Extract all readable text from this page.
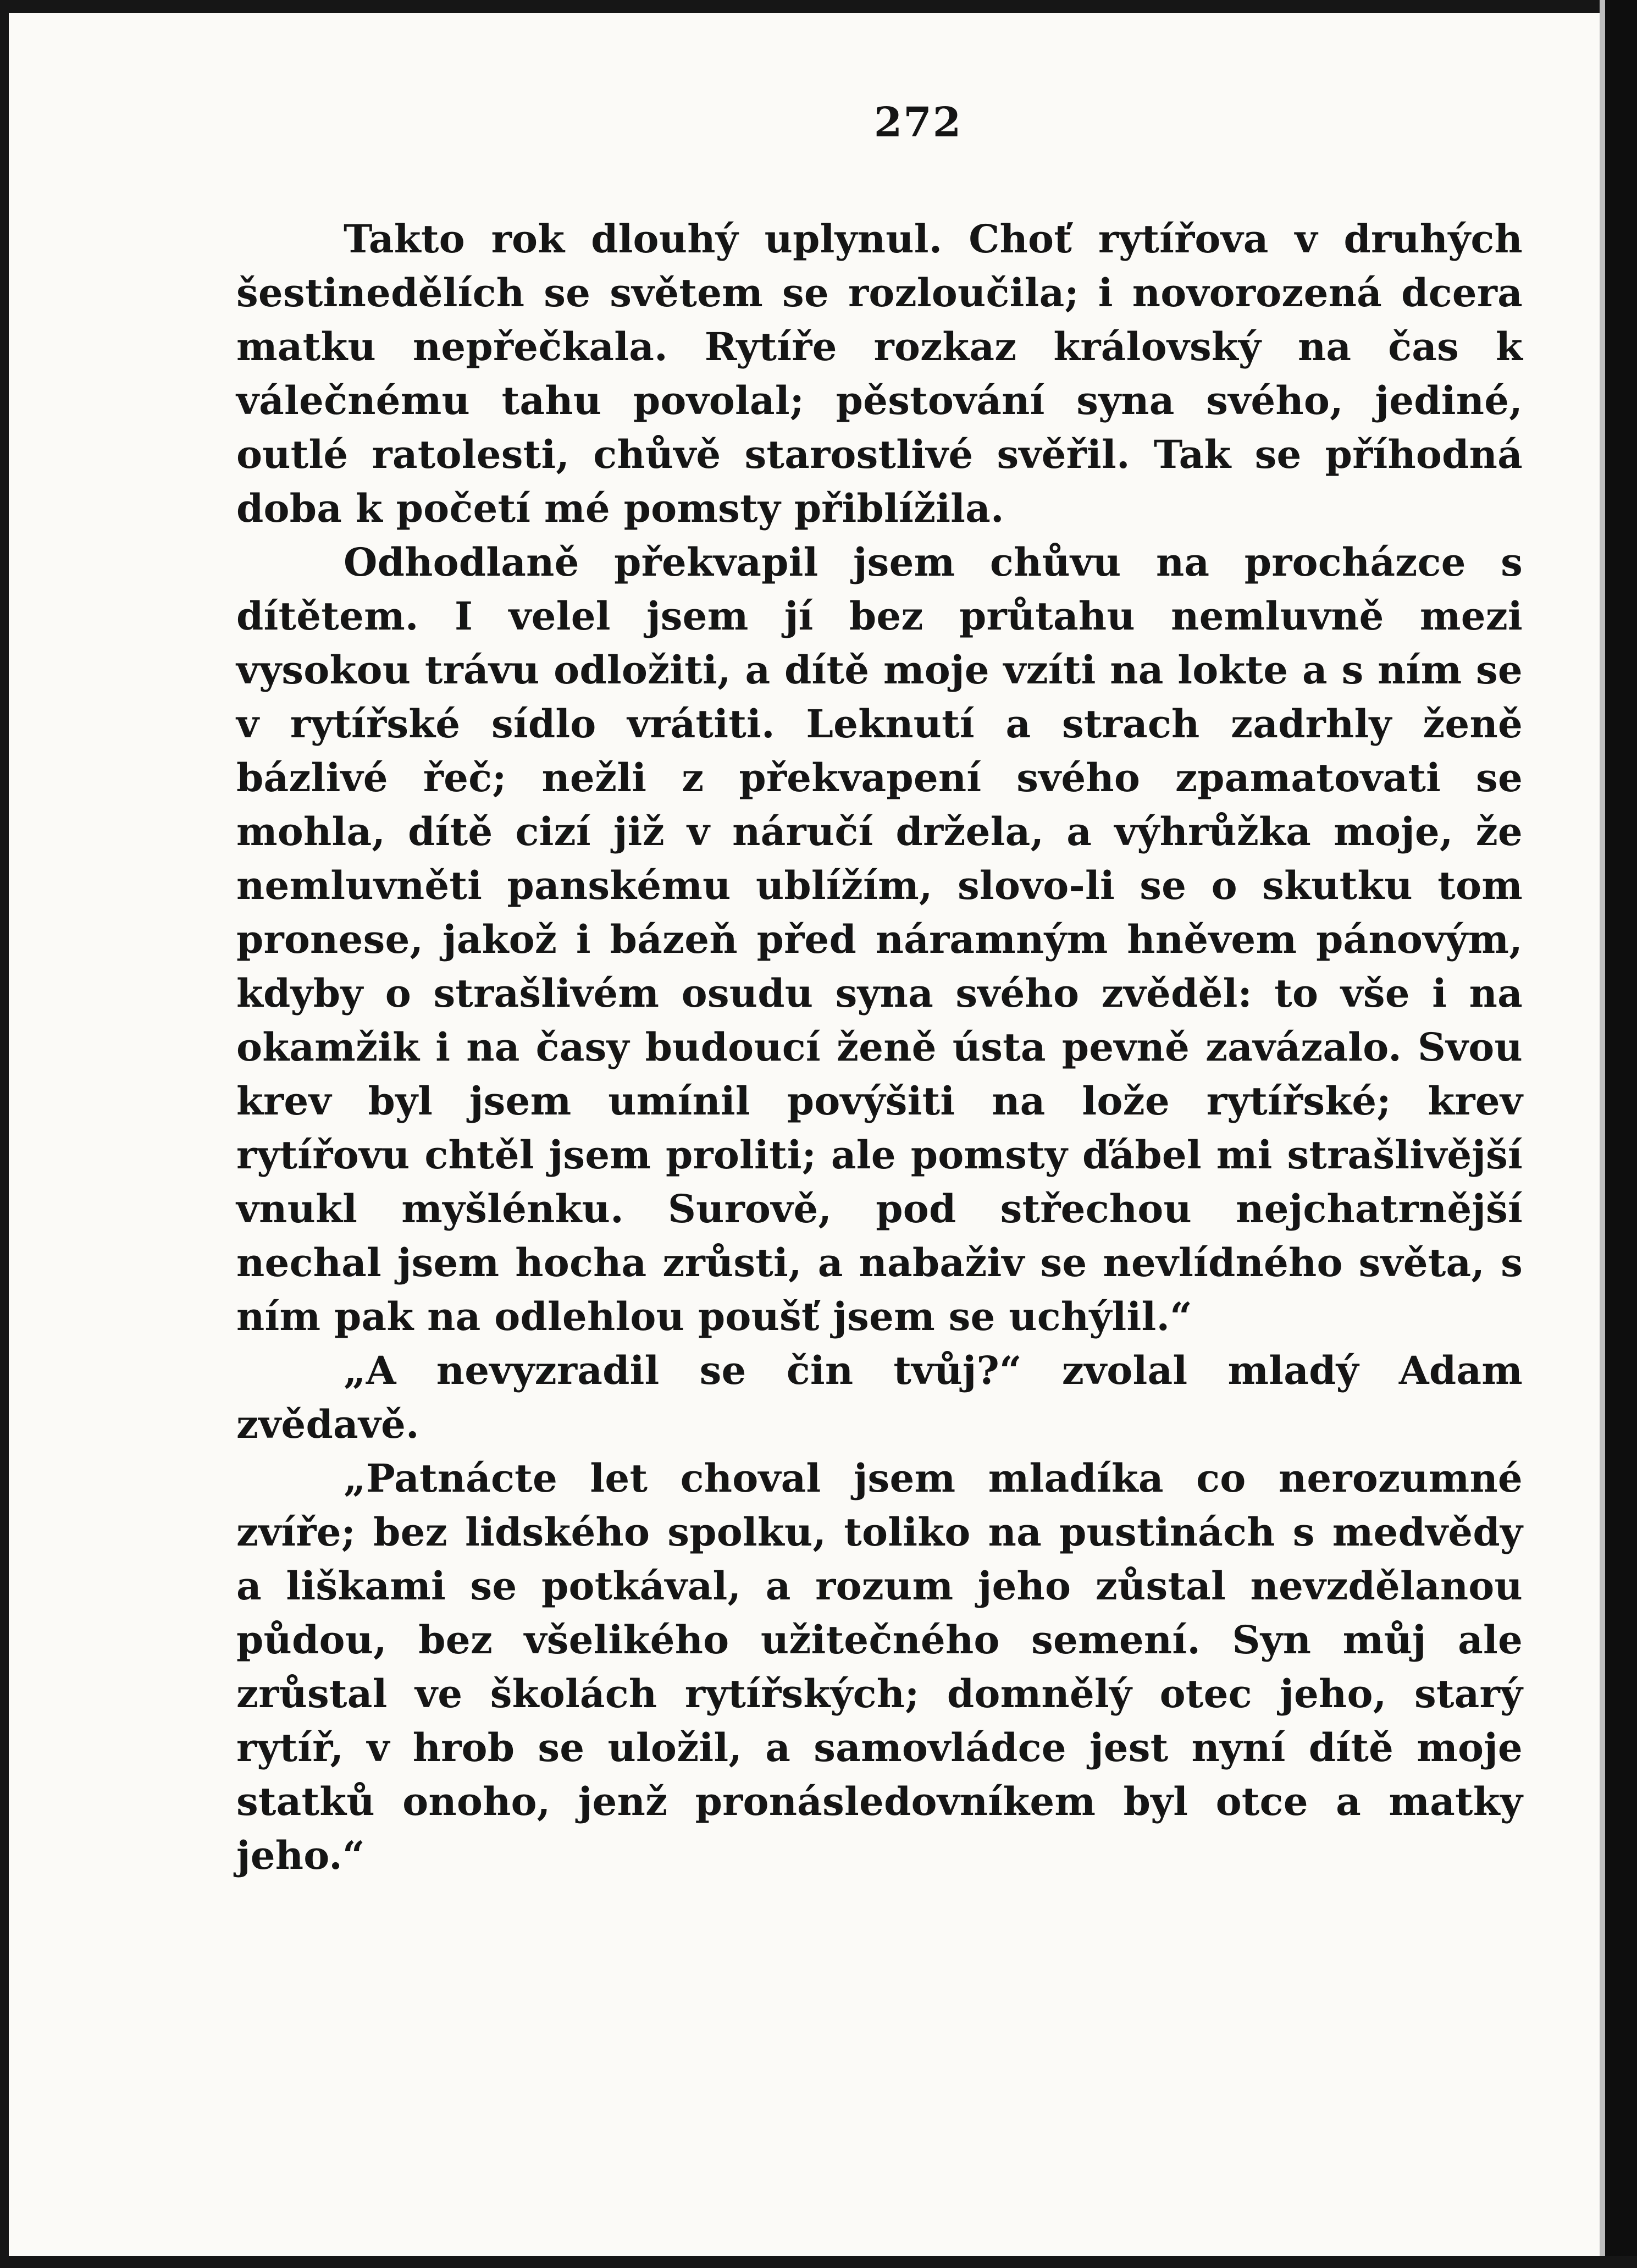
272

Takto rok dlouhý uplynul. Choť rytířova v druhých šestinedělích se světem se rozloučila; i novorozená dcera matku nepřečkala. Rytíře rozkaz královský na čas k válečnému tahu povolal; pěstování syna svého, jediné, outlé ratolesti, chůvě starostlivé svěřil. Tak se příhodná doba k početí mé pomsty přiblížila.

Odhodlaně překvapil jsem chůvu na procházce s dítětem. I velel jsem jí bez průtahu nemluvně mezi vysokou trávu odložiti, a dítě moje vzíti na lokte a s ním se v rytířské sídlo vrátiti. Leknutí a strach zadrhly ženě bázlivé řeč; nežli z překvapení svého zpamatovati se mohla, dítě cizí již v náručí držela, a výhrůžka moje, že nemluvněti panskému ublížím, slovo-li se o skutku tom pronese, jakož i bázeň před náramným hněvem pánovým, kdyby o strašlivém osudu syna svého zvěděl: to vše i na okamžik i na časy budoucí ženě ústa pevně zavázalo. Svou krev byl jsem umínil povýšiti na lože rytířské; krev rytířovu chtěl jsem proliti; ale pomsty ďábel mi strašlivější vnukl myšlénku. Surově, pod střechou nejchatrnější nechal jsem hocha zrůsti, a nabaživ se nevlídného světa, s ním pak na odlehlou poušť jsem se uchýlil.“

„A nevyzradil se čin tvůj?“ zvolal mladý Adam zvědavě.

„Patnácte let choval jsem mladíka co nerozumné zvíře; bez lidského spolku, toliko na pustinách s medvědy a liškami se potkával, a rozum jeho zůstal nevzdělanou půdou, bez všelikého užitečného semení. Syn můj ale zrůstal ve školách rytířských; domnělý otec jeho, starý rytíř, v hrob se uložil, a samovládce jest nyní dítě moje statků onoho, jenž pronásledovníkem byl otce a matky jeho.“
